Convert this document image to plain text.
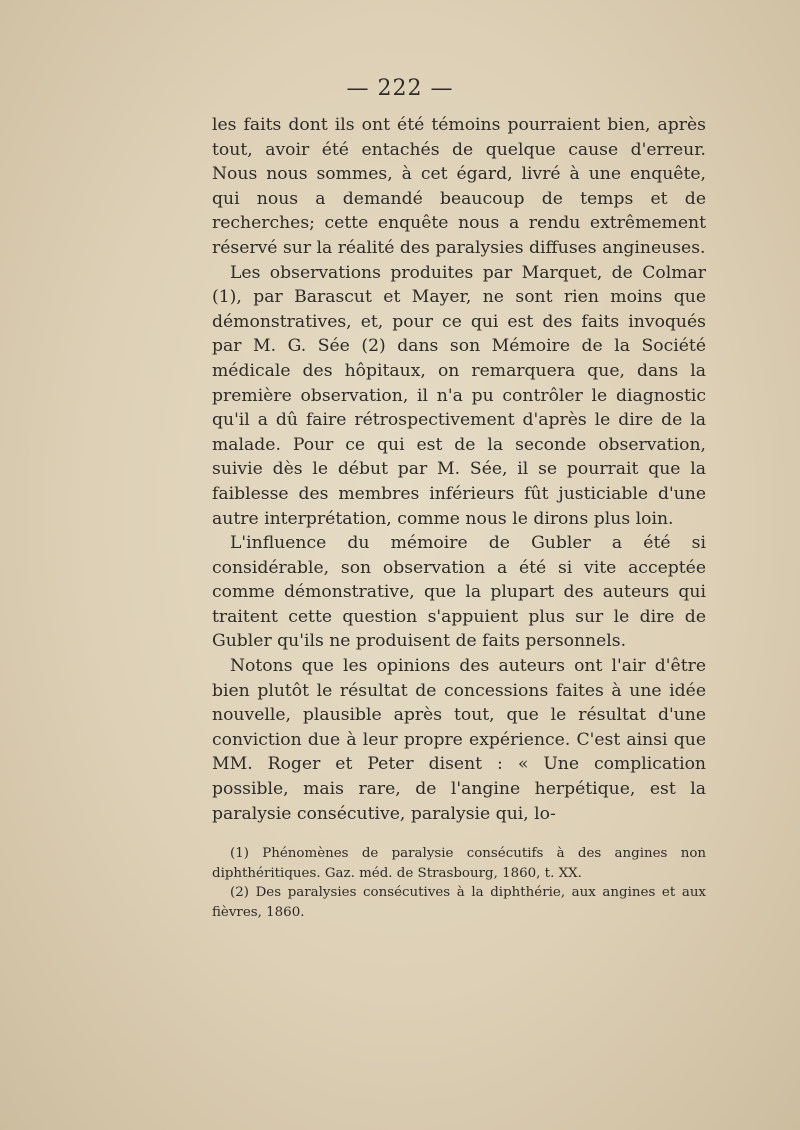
— 222 —

les faits dont ils ont été témoins pourraient bien, après tout, avoir été entachés de quelque cause d'erreur. Nous nous sommes, à cet égard, livré à une enquête, qui nous a demandé beaucoup de temps et de recherches; cette enquête nous a rendu extrêmement réservé sur la réalité des paralysies diffuses angineuses.

Les observations produites par Marquet, de Colmar (1), par Barascut et Mayer, ne sont rien moins que démonstratives, et, pour ce qui est des faits invoqués par M. G. Sée (2) dans son Mémoire de la Société médicale des hôpitaux, on remarquera que, dans la première observation, il n'a pu contrôler le diagnostic qu'il a dû faire rétrospectivement d'après le dire de la malade. Pour ce qui est de la seconde observation, suivie dès le début par M. Sée, il se pourrait que la faiblesse des membres inférieurs fût justiciable d'une autre interprétation, comme nous le dirons plus loin.

L'influence du mémoire de Gubler a été si considérable, son observation a été si vite acceptée comme démonstrative, que la plupart des auteurs qui traitent cette question s'appuient plus sur le dire de Gubler qu'ils ne produisent de faits personnels.

Notons que les opinions des auteurs ont l'air d'être bien plutôt le résultat de concessions faites à une idée nouvelle, plausible après tout, que le résultat d'une conviction due à leur propre expérience. C'est ainsi que MM. Roger et Peter disent : « Une complication possible, mais rare, de l'angine herpétique, est la paralysie consécutive, paralysie qui, lo-

(1) Phénomènes de paralysie consécutifs à des angines non diphthéritiques. Gaz. méd. de Strasbourg, 1860, t. XX.

(2) Des paralysies consécutives à la diphthérie, aux angines et aux fièvres, 1860.
